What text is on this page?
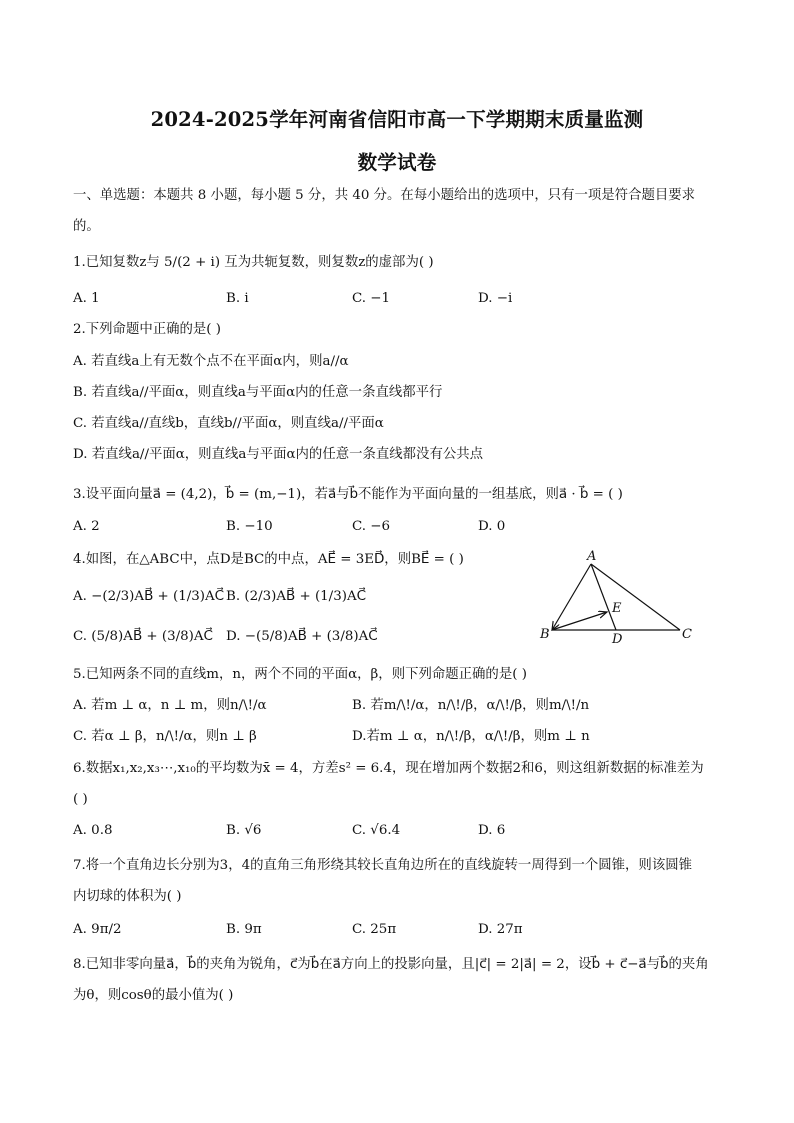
2024-2025学年河南省信阳市高一下学期期末质量监测
数学试卷
一、单选题：本题共 8 小题，每小题 5 分，共 40 分。在每小题给出的选项中，只有一项是符合题目要求
的。
1.已知复数z与 5/(2 + i) 互为共轭复数，则复数z的虚部为( )
A. 1	B. i	C. −1	D. −i
2.下列命题中正确的是( )
A. 若直线a上有无数个点不在平面α内，则a//α
B. 若直线a//平面α，则直线a与平面α内的任意一条直线都平行
C. 若直线a//直线b，直线b//平面α，则直线a//平面α
D. 若直线a//平面α，则直线a与平面α内的任意一条直线都没有公共点
3.设平面向量a⃗ = (4,2)，b⃗ = (m,−1)，若a⃗与b⃗不能作为平面向量的一组基底，则a⃗ · b⃗ = ( )
A. 2	B. −10	C. −6	D. 0
4.如图，在△ABC中，点D是BC的中点，AE⃗ = 3ED⃗，则BE⃗ = ( )
A. −(2/3)AB⃗ + (1/3)AC⃗ B. (2/3)AB⃗ + (1/3)AC⃗
C. (5/8)AB⃗ + (3/8)AC⃗ D. −(5/8)AB⃗ + (3/8)AC⃗
A
B	C
D
E
5.已知两条不同的直线m，n，两个不同的平面α，β，则下列命题正确的是( )
A. 若m ⊥ α，n ⊥ m，则n/\!/α	B. 若m/\!/α，n/\!/β，α/\!/β，则m/\!/n
C. 若α ⊥ β，n/\!/α，则n ⊥ β	D.若m ⊥ α，n/\!/β，α/\!/β，则m ⊥ n
6.数据x₁,x₂,x₃⋯,x₁₀的平均数为x̄ = 4，方差s² = 6.4，现在增加两个数据2和6，则这组新数据的标准差为
( )
A. 0.8	B. √6	C. √6.4	D. 6
7.将一个直角边长分别为3，4的直角三角形绕其较长直角边所在的直线旋转一周得到一个圆锥，则该圆锥
内切球的体积为( )
A. 9π/2	B. 9π	C. 25π	D. 27π
8.已知非零向量a⃗，b⃗的夹角为锐角，c⃗为b⃗在a⃗方向上的投影向量，且|c⃗| = 2|a⃗| = 2，设b⃗ + c⃗−a⃗与b⃗的夹角
为θ，则cosθ的最小值为( )
